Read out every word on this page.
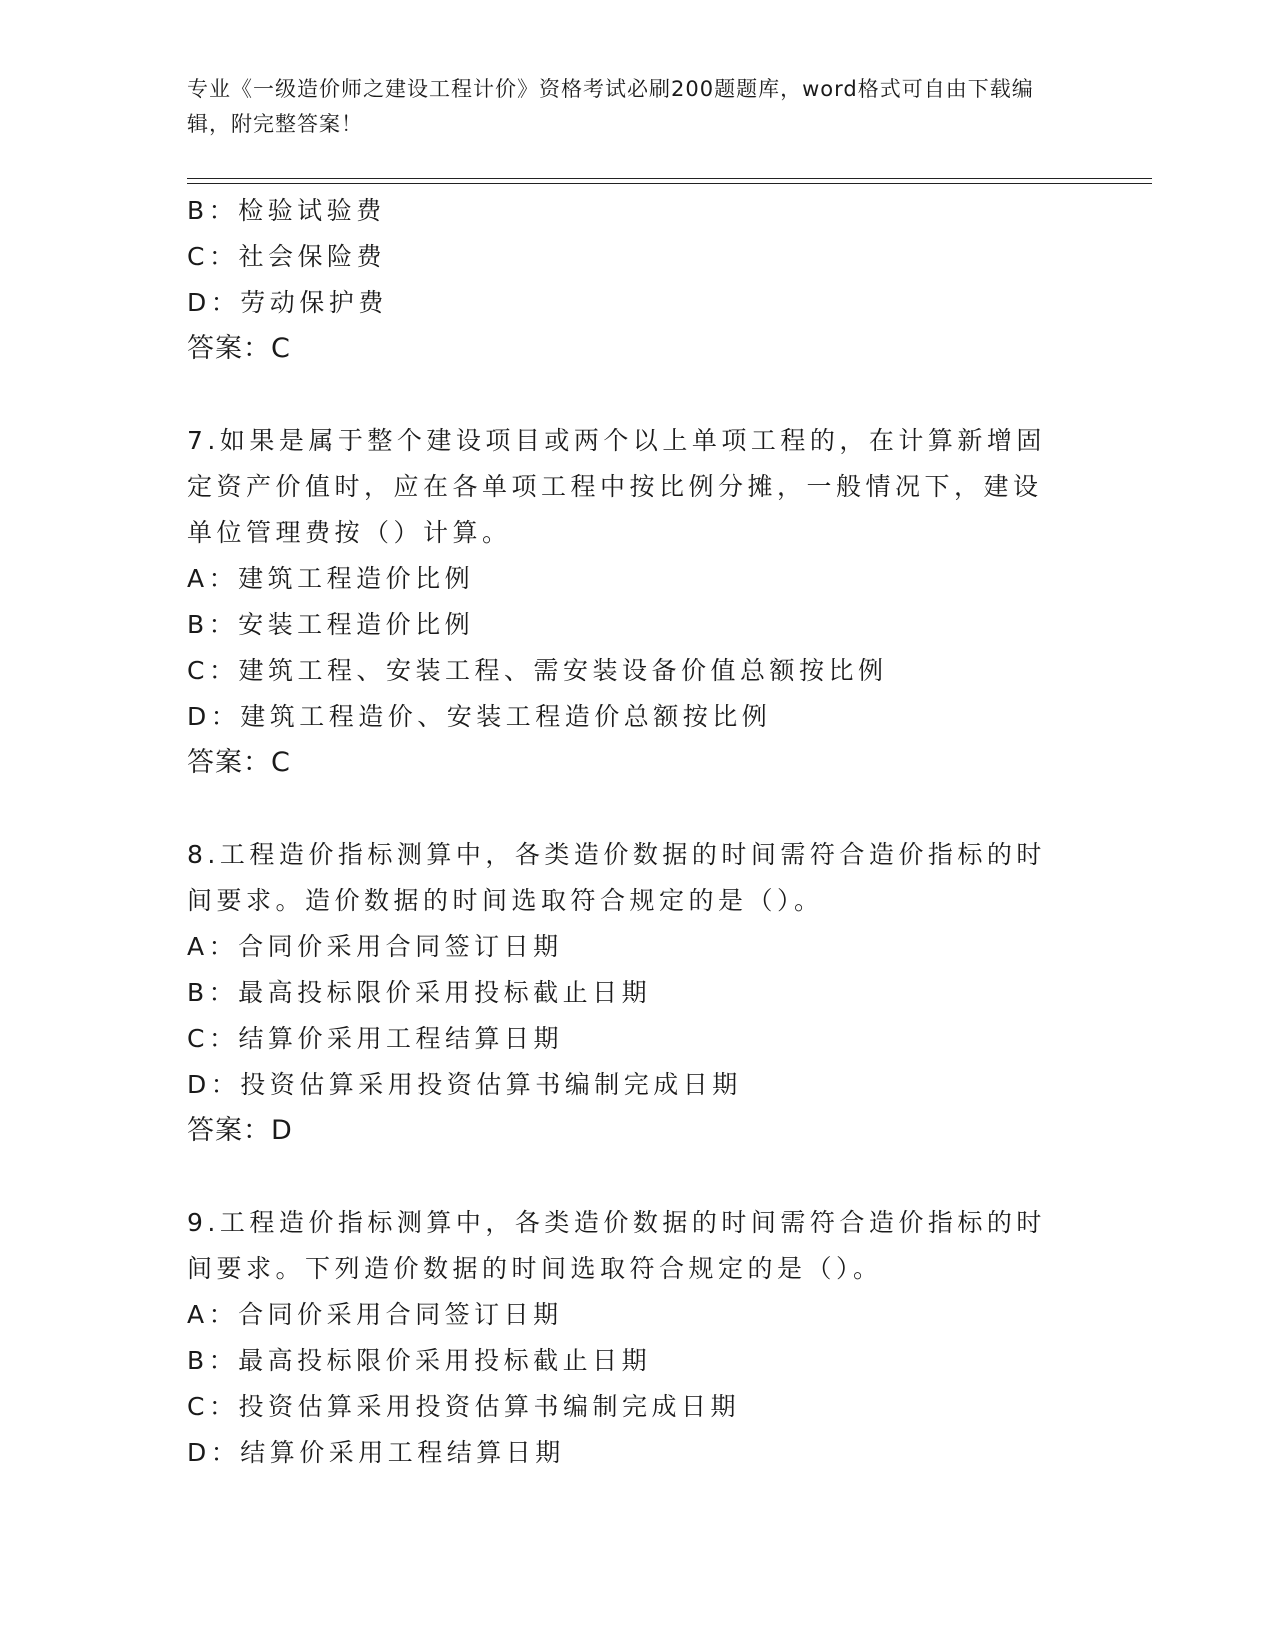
专业《一级造价师之建设工程计价》资格考试必刷200题题库，word格式可自由下载编辑，附完整答案！
B：检验试验费
C：社会保险费
D：劳动保护费
答案：C
7.如果是属于整个建设项目或两个以上单项工程的，在计算新增固定资产价值时，应在各单项工程中按比例分摊，一般情况下，建设单位管理费按（）计算。
A：建筑工程造价比例
B：安装工程造价比例
C：建筑工程、安装工程、需安装设备价值总额按比例
D：建筑工程造价、安装工程造价总额按比例
答案：C
8.工程造价指标测算中，各类造价数据的时间需符合造价指标的时间要求。造价数据的时间选取符合规定的是（）。
A：合同价采用合同签订日期
B：最高投标限价采用投标截止日期
C：结算价采用工程结算日期
D：投资估算采用投资估算书编制完成日期
答案：D
9.工程造价指标测算中，各类造价数据的时间需符合造价指标的时间要求。下列造价数据的时间选取符合规定的是（）。
A：合同价采用合同签订日期
B：最高投标限价采用投标截止日期
C：投资估算采用投资估算书编制完成日期
D：结算价采用工程结算日期
